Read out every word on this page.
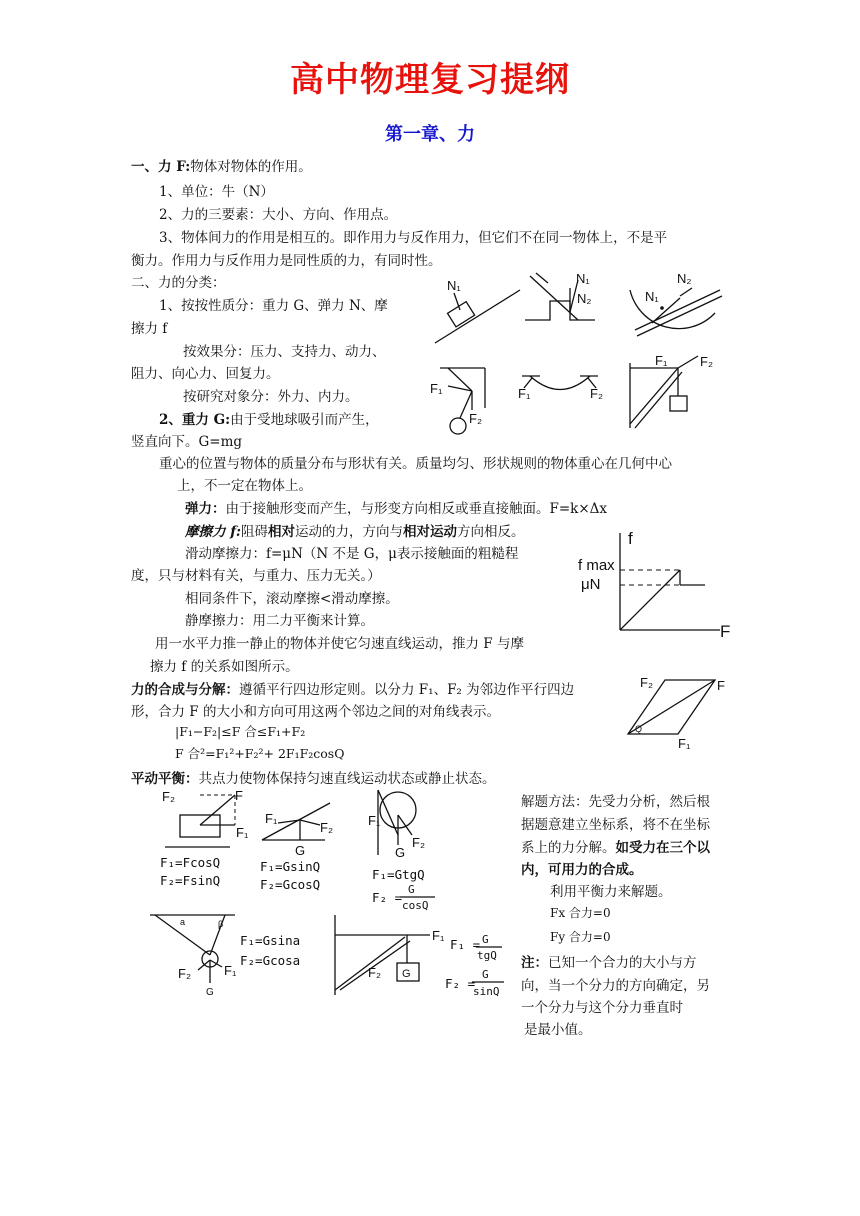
高中物理复习提纲
第一章、力
一、力 F:物体对物体的作用。
1、单位：牛（N）
2、力的三要素：大小、方向、作用点。
3、物体间力的作用是相互的。即作用力与反作用力，但它们不在同一物体上，不是平
衡力。作用力与反作用力是同性质的力，有同时性。
二、力的分类：
1、按按性质分：重力 G、弹力 N、摩
擦力 f
按效果分：压力、支持力、动力、
阻力、向心力、回复力。
按研究对象分：外力、内力。
2、重力 G:由于受地球吸引而产生，
竖直向下。G=mg
重心的位置与物体的质量分布与形状有关。质量均匀、形状规则的物体重心在几何中心
上，不一定在物体上。
弹力：由于接触形变而产生，与形变方向相反或垂直接触面。F=k×Δx
摩擦力 f:阻碍相对运动的力，方向与相对运动方向相反。
滑动摩擦力：f=μN（N 不是 G，μ表示接触面的粗糙程
度，只与材料有关，与重力、压力无关。）
相同条件下，滚动摩擦<滑动摩擦。
静摩擦力：用二力平衡来计算。
用一水平力推一静止的物体并使它匀速直线运动，推力 F 与摩
擦力 f 的关系如图所示。
力的合成与分解：遵循平行四边形定则。以分力 F₁、F₂ 为邻边作平行四边
形，合力 F 的大小和方向可用这两个邻边之间的对角线表示。
|F₁−F₂|≤F 合≤F₁+F₂
F 合²=F₁²+F₂²+ 2F₁F₂cosQ
平动平衡：共点力使物体保持匀速直线运动状态或静止状态。
解题方法：先受力分析，然后根
据题意建立坐标系，将不在坐标
系上的力分解。如受力在三个以
内，可用力的合成。
利用平衡力来解题。
Fx 合力=0
Fy 合力=0
注：已知一个合力的大小与方
向，当一个分力的方向确定，另
一个分力与这个分力垂直时
是最小值。
N₁	N₁
N₂	N₁
N₂
F₁
F₂
F₁	F₂
F₁	F₂
f
f max
μN
F
F₂	F
F₁
Q
F₂	F
F₁
F₁=FcosQ
F₂=FsinQ
F₁
F₂
G
F₁=GsinQ
F₂=GcosQ
F₁
F₂
G
F₁=GtgQ
F₂ =
G
cosQ
a	β
F₂	F₁
G
F₁=Gsina
F₂=Gcosa
G
F₁
F₂
F₁ = G
tgQ
F₂ =
G
sinQ
